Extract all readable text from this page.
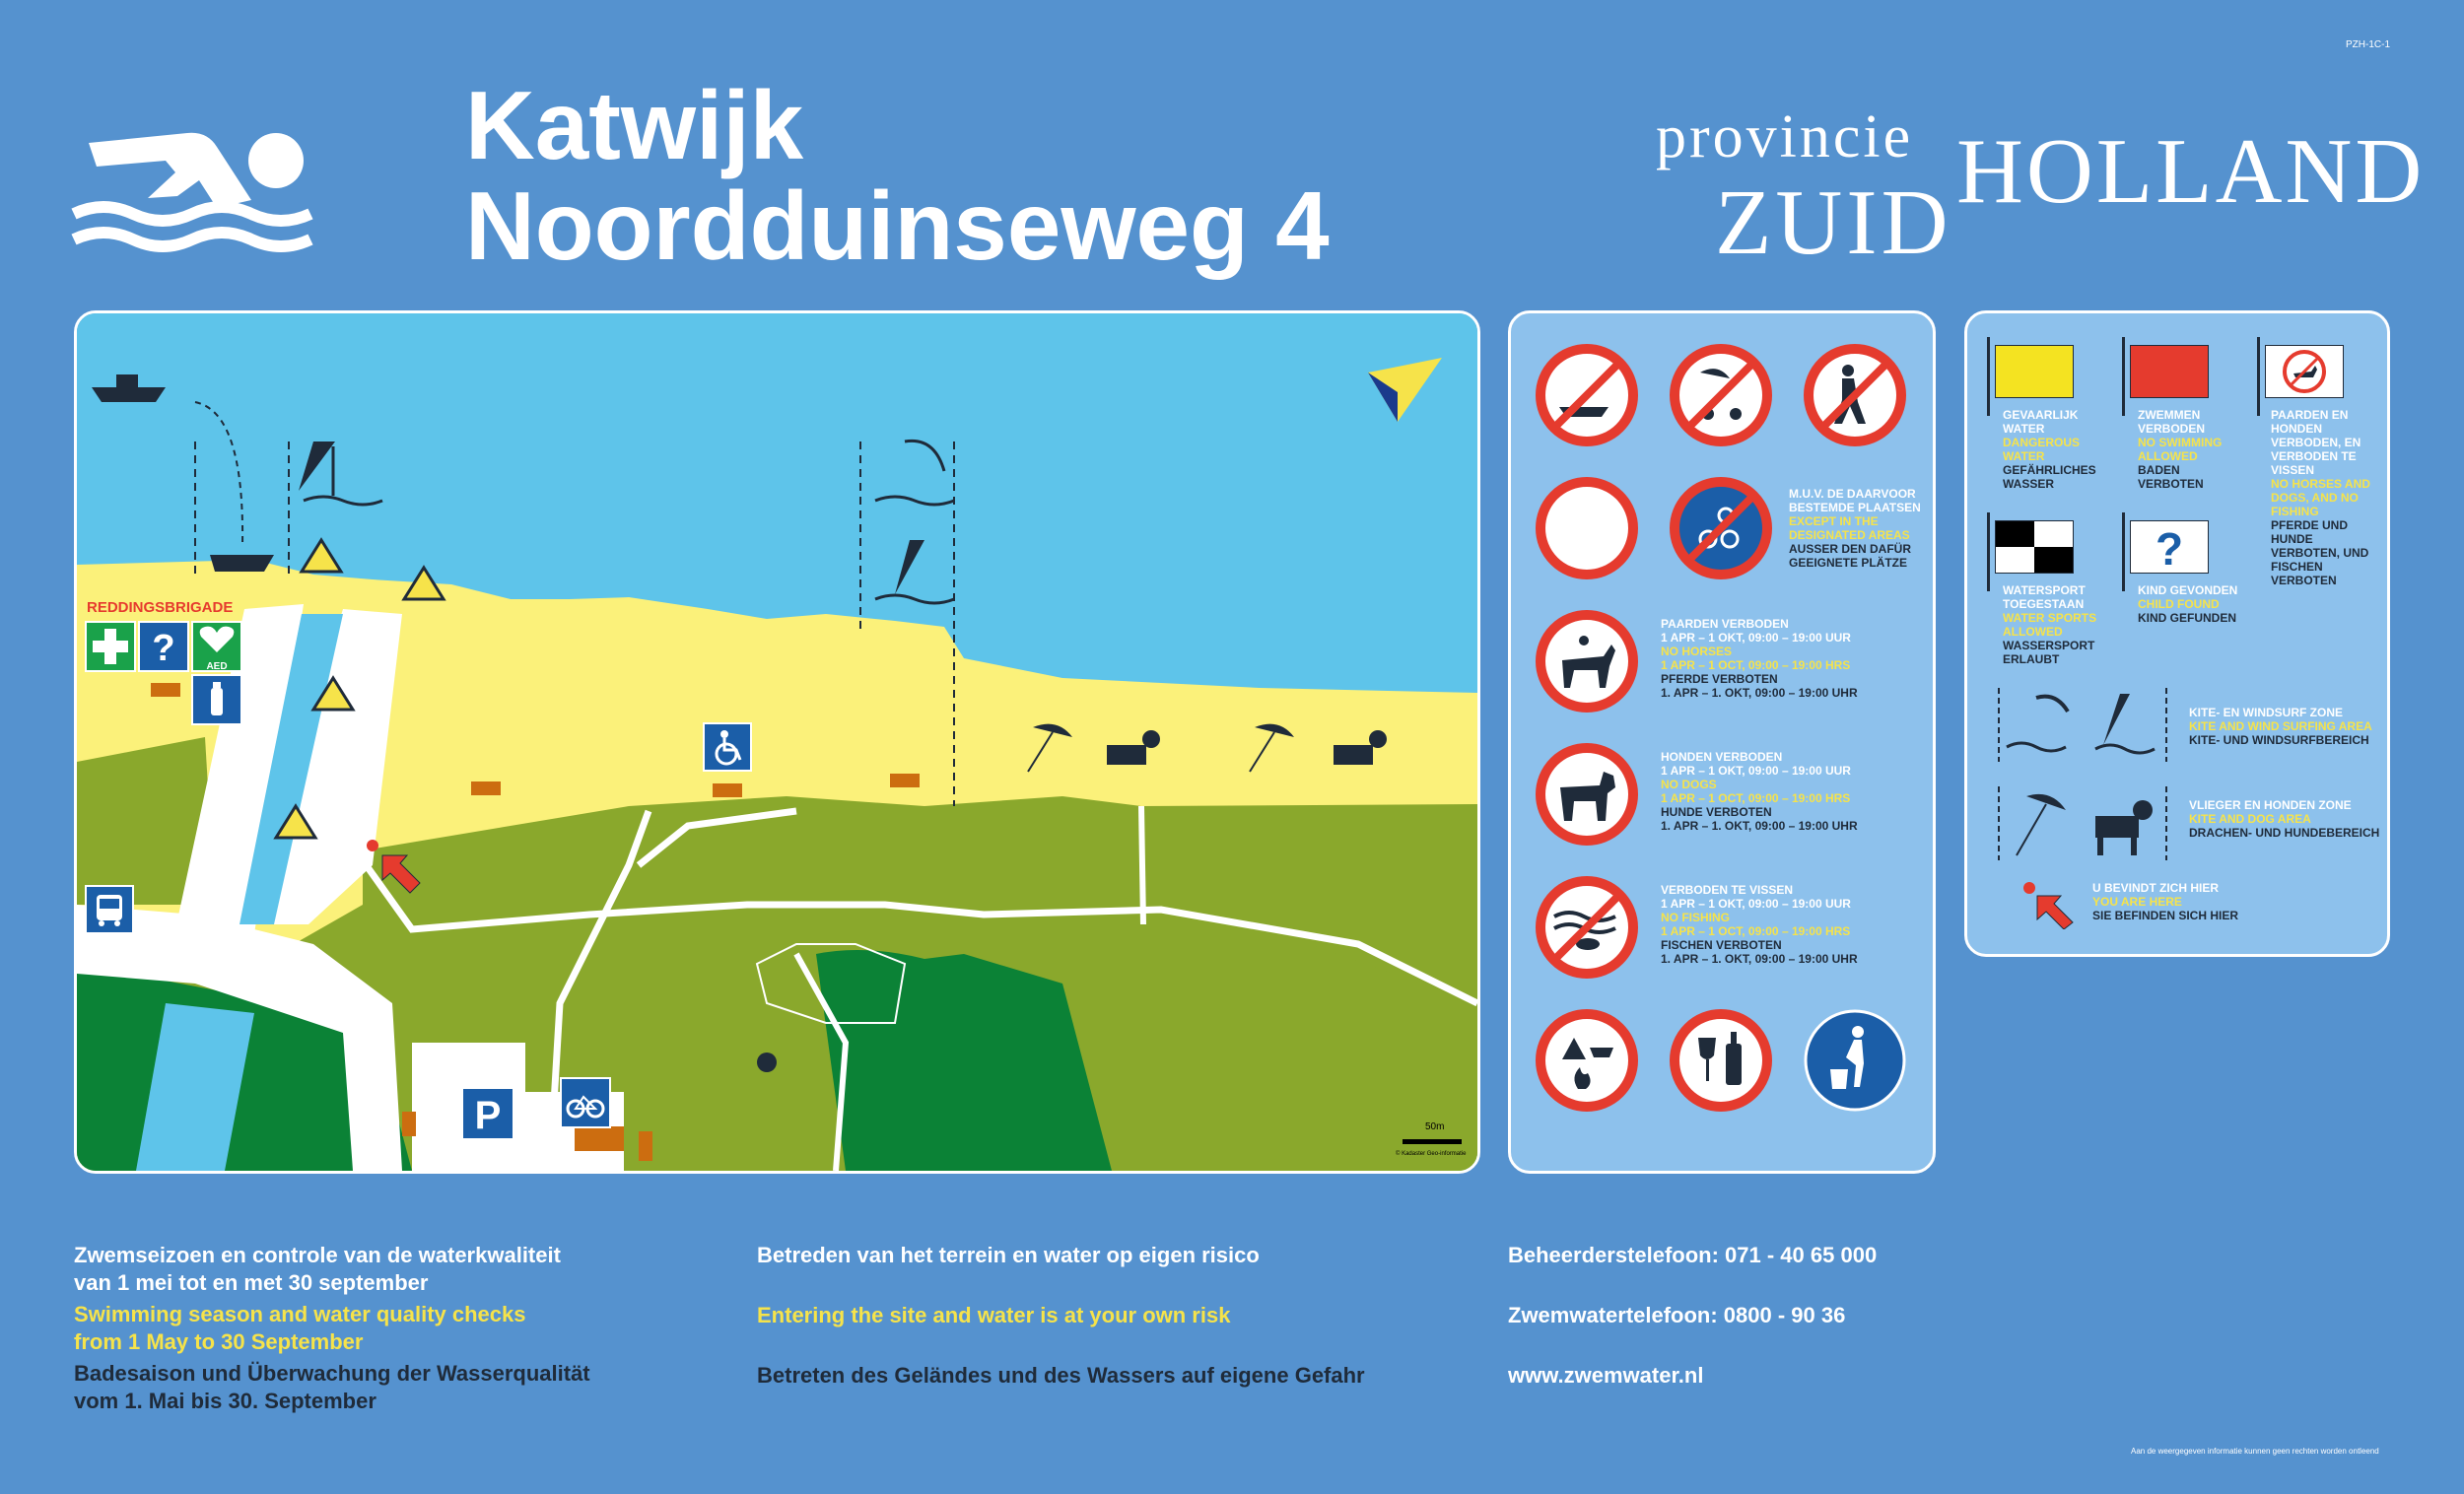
PZH-1C-1
Katwijk
Noordduinseweg 4
provincie
ZUID HOLLAND
REDDINGSBRIGADE
?	AED
P	50m
© Kadaster Geo-informatie
M.U.V. DE DAARVOOR BESTEMDE PLAATSEN
EXCEPT IN THE DESIGNATED AREAS
AUSSER DEN DAFÜR GEEIGNETE PLÄTZE
PAARDEN VERBODEN
1 APR – 1 OKT, 09:00 – 19:00 UUR
NO HORSES
1 APR – 1 OCT, 09:00 – 19:00 HRS
PFERDE VERBOTEN
1. APR – 1. OKT, 09:00 – 19:00 UHR
HONDEN VERBODEN
1 APR – 1 OKT, 09:00 – 19:00 UUR
NO DOGS
1 APR – 1 OCT, 09:00 – 19:00 HRS
HUNDE VERBOTEN
1. APR – 1. OKT, 09:00 – 19:00 UHR
VERBODEN TE VISSEN
1 APR – 1 OKT, 09:00 – 19:00 UUR
NO FISHING
1 APR – 1 OCT, 09:00 – 19:00 HRS
FISCHEN VERBOTEN
1. APR – 1. OKT, 09:00 – 19:00 UHR
GEVAARLIJK WATER
DANGEROUS WATER
GEFÄHRLICHES WASSER
ZWEMMEN VERBODEN
NO SWIMMING ALLOWED
BADEN VERBOTEN
PAARDEN EN HONDEN VERBODEN, EN VERBODEN TE VISSEN
NO HORSES AND DOGS, AND NO FISHING
PFERDE UND HUNDE VERBOTEN, UND FISCHEN VERBOTEN
WATERSPORT TOEGESTAAN
WATER SPORTS ALLOWED
WASSERSPORT ERLAUBT
?
KIND GEVONDEN
CHILD FOUND
KIND GEFUNDEN
KITE- EN WINDSURF ZONE
KITE AND WIND SURFING AREA
KITE- UND WINDSURFBEREICH
VLIEGER EN HONDEN ZONE
KITE AND DOG AREA
DRACHEN- UND HUNDEBEREICH
U BEVINDT ZICH HIER
YOU ARE HERE
SIE BEFINDEN SICH HIER
Zwemseizoen en controle van de waterkwaliteit
van 1 mei tot en met 30 september
Swimming season and water quality checks
from 1 May to 30 September
Badesaison und Überwachung der Wasserqualität
vom 1. Mai bis 30. September
Betreden van het terrein en water op eigen risico
Entering the site and water is at your own risk
Betreten des Geländes und des Wassers auf eigene Gefahr
Beheerderstelefoon: 071 - 40 65 000
Zwemwatertelefoon: 0800 - 90 36
www.zwemwater.nl
Aan de weergegeven informatie kunnen geen rechten worden ontleend
